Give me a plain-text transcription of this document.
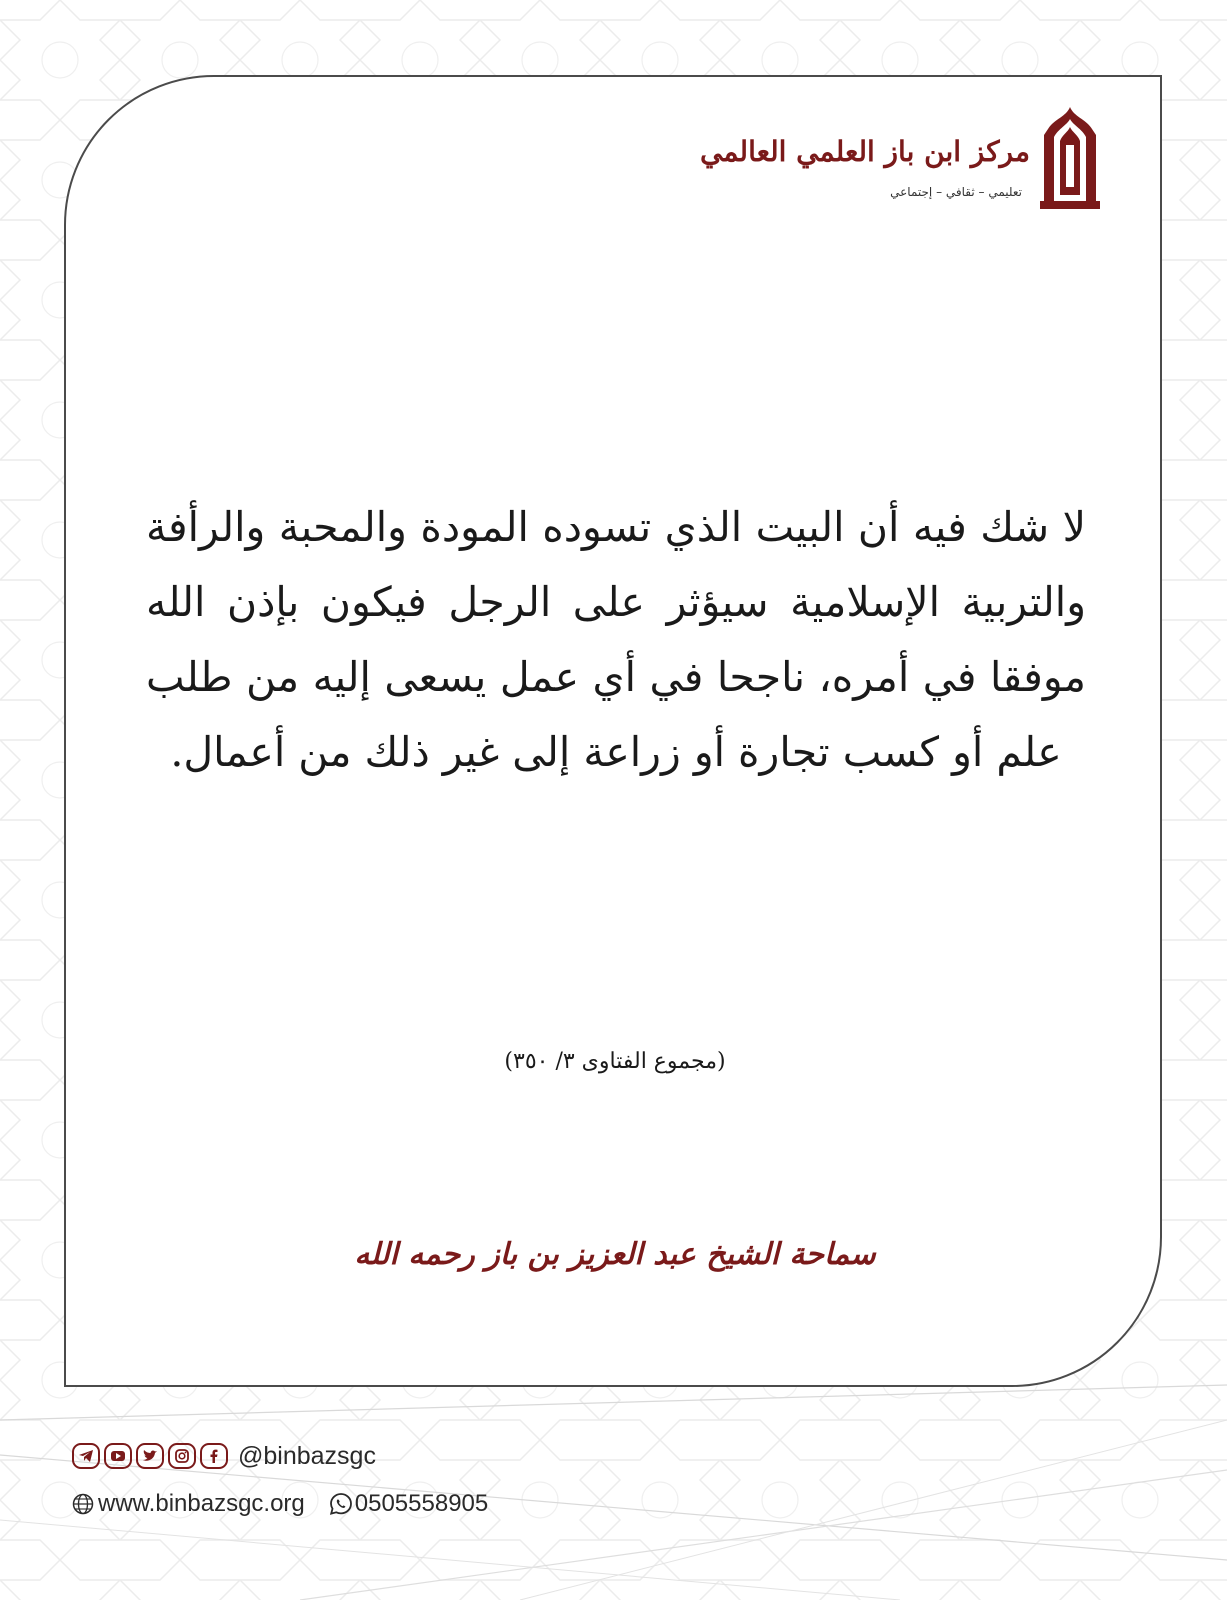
مركز ابن باز العلمي العالمي
تعليمي – ثقافي – إجتماعي
لا شك فيه أن البيت الذي تسوده المودة والمحبة والرأفة والتربية الإسلامية سيؤثر على الرجل فيكون بإذن الله موفقا في أمره، ناجحا في أي عمل يسعى إليه من طلب علم أو كسب تجارة أو زراعة إلى غير ذلك من أعمال.
(مجموع الفتاوى ٣/ ٣٥٠)
سماحة الشيخ عبد العزيز بن باز رحمه الله
@binbazsgc
www.binbazsgc.org 0505558905
